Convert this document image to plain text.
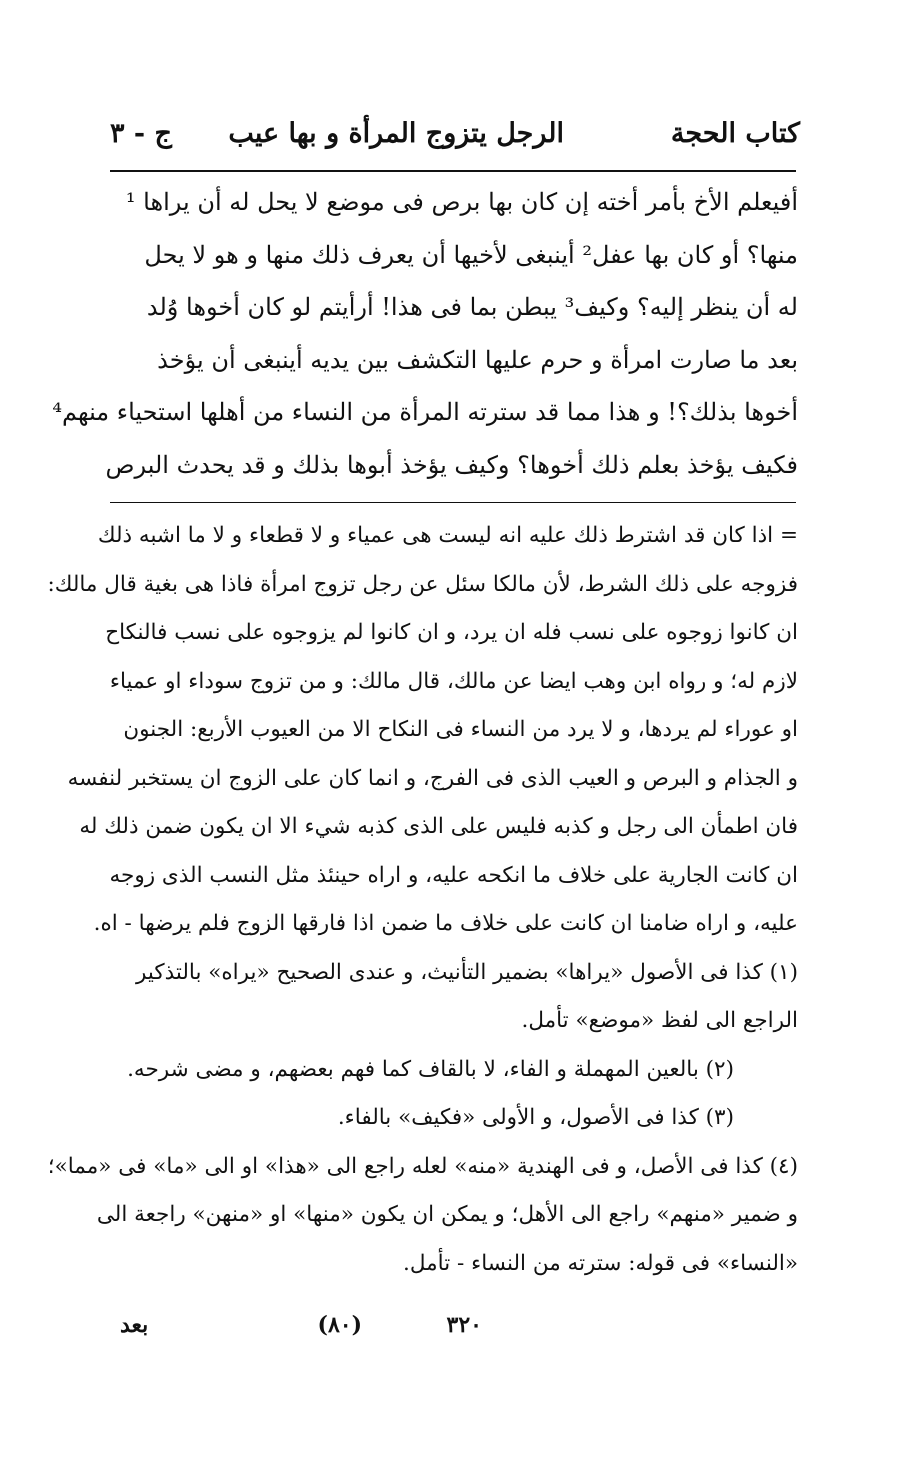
كتاب الحجة
الرجل يتزوج المرأة و بها عيب
ج - ٣
أفيعلم الأخ بأمر أخته إن كان بها برص فى موضع لا يحل له أن يراها ¹
منها؟ أو كان بها عفل² أينبغى لأخيها أن يعرف ذلك منها و هو لا يحل
له أن ينظر إليه؟ وكيف³ يبطن بما فى هذا! أرأيتم لو كان أخوها وُلد
بعد ما صارت امرأة و حرم عليها التكشف بين يديه أينبغى أن يؤخذ
أخوها بذلك؟! و هذا مما قد سترته المرأة من النساء من أهلها استحياء منهم⁴
فكيف يؤخذ بعلم ذلك أخوها؟ وكيف يؤخذ أبوها بذلك و قد يحدث البرص
= اذا كان قد اشترط ذلك عليه انه ليست هى عمياء و لا قطعاء و لا ما اشبه ذلك
فزوجه على ذلك الشرط، لأن مالكا سئل عن رجل تزوج امرأة فاذا هى بغية قال مالك:
ان كانوا زوجوه على نسب فله ان يرد، و ان كانوا لم يزوجوه على نسب فالنكاح
لازم له؛ و رواه ابن وهب ايضا عن مالك، قال مالك: و من تزوج سوداء او عمياء
او عوراء لم يردها، و لا يرد من النساء فى النكاح الا من العيوب الأربع: الجنون
و الجذام و البرص و العيب الذى فى الفرج، و انما كان على الزوج ان يستخبر لنفسه
فان اطمأن الى رجل و كذبه فليس على الذى كذبه شيء الا ان يكون ضمن ذلك له
ان كانت الجارية على خلاف ما انكحه عليه، و اراه حينئذ مثل النسب الذى زوجه
عليه، و اراه ضامنا ان كانت على خلاف ما ضمن اذا فارقها الزوج فلم يرضها - اه.
(١) كذا فى الأصول «يراها» بضمير التأنيث، و عندى الصحيح «يراه» بالتذكير
الراجع الى لفظ «موضع» تأمل.
(٢) بالعين المهملة و الفاء، لا بالقاف كما فهم بعضهم، و مضى شرحه.
(٣) كذا فى الأصول، و الأولى «فكيف» بالفاء.
(٤) كذا فى الأصل، و فى الهندية «منه» لعله راجع الى «هذا» او الى «ما» فى «مما»؛
و ضمير «منهم» راجع الى الأهل؛ و يمكن ان يكون «منها» او «منهن» راجعة الى
«النساء» فى قوله: سترته من النساء - تأمل.
٣٢٠
(٨٠)
بعد
